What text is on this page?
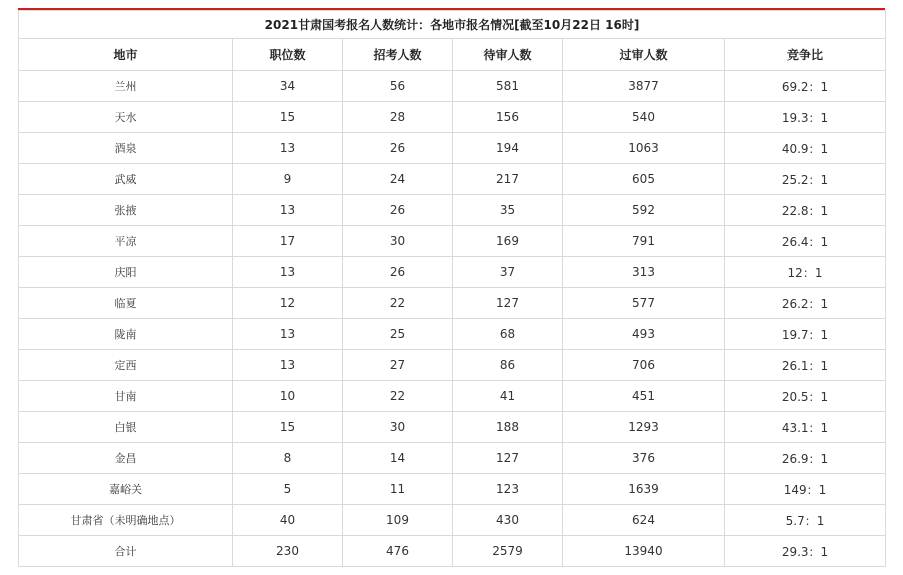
2021甘肃国考报名人数统计：各地市报名情况[截至10月22日 16时]					
地市	职位数	招考人数	待审人数	过审人数	竞争比
兰州	34	56	581	3877	69.2：1
天水	15	28	156	540	19.3：1
酒泉	13	26	194	1063	40.9：1
武威	9	24	217	605	25.2：1
张掖	13	26	35	592	22.8：1
平凉	17	30	169	791	26.4：1
庆阳	13	26	37	313	12：1
临夏	12	22	127	577	26.2：1
陇南	13	25	68	493	19.7：1
定西	13	27	86	706	26.1：1
甘南	10	22	41	451	20.5：1
白银	15	30	188	1293	43.1：1
金昌	8	14	127	376	26.9：1
嘉峪关	5	11	123	1639	149：1
甘肃省（未明确地点）	40	109	430	624	5.7：1
合计	230	476	2579	13940	29.3：1
